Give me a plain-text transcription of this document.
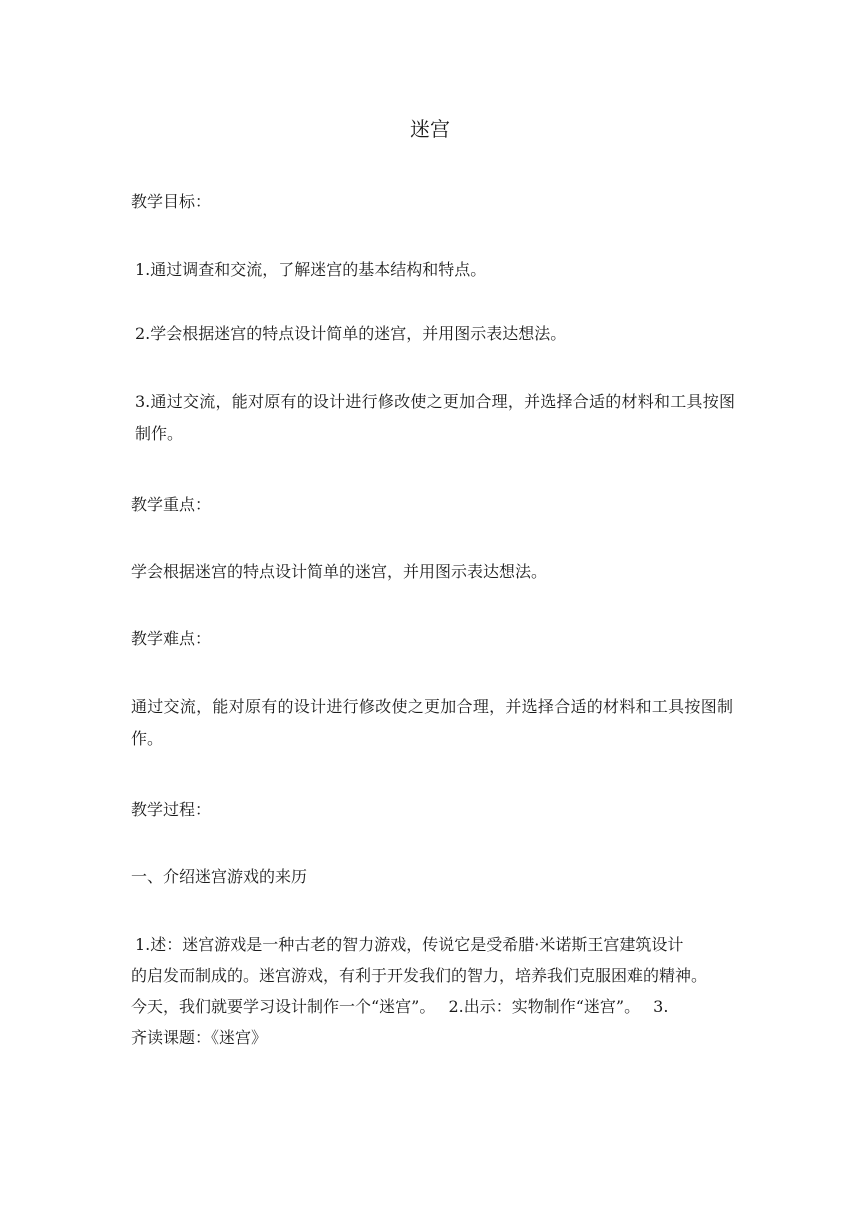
迷宫

教学目标：

1.通过调查和交流，了解迷宫的基本结构和特点。

2.学会根据迷宫的特点设计简单的迷宫，并用图示表达想法。

3.通过交流，能对原有的设计进行修改使之更加合理，并选择合适的材料和工具按图制作。

教学重点：

学会根据迷宫的特点设计简单的迷宫，并用图示表达想法。

教学难点：

通过交流，能对原有的设计进行修改使之更加合理，并选择合适的材料和工具按图制作。

教学过程：

一、介绍迷宫游戏的来历

1.述：迷宫游戏是一种古老的智力游戏，传说它是受希腊·米诺斯王宫建筑设计
的启发而制成的。迷宫游戏，有利于开发我们的智力，培养我们克服困难的精神。
今天，我们就要学习设计制作一个“迷宫”。　 2.出示：实物制作“迷宫”。　 3.
齐读课题：《迷宫》
